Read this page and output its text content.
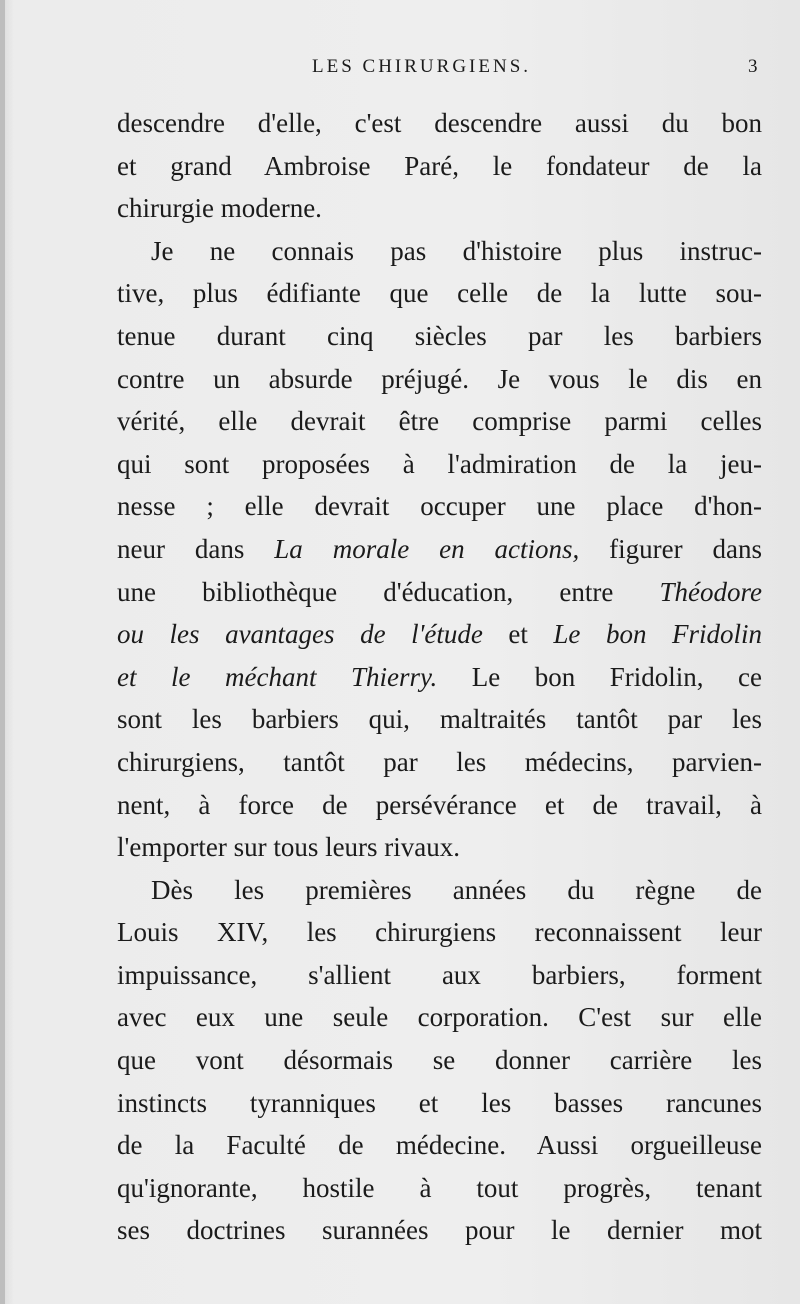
LES CHIRURGIENS.	3
descendre d'elle, c'est descendre aussi du bon
et grand Ambroise Paré, le fondateur de la
chirurgie moderne.
Je ne connais pas d'histoire plus instruc-
tive, plus édifiante que celle de la lutte sou-
tenue durant cinq siècles par les barbiers
contre un absurde préjugé. Je vous le dis en
vérité, elle devrait être comprise parmi celles
qui sont proposées à l'admiration de la jeu-
nesse ; elle devrait occuper une place d'hon-
neur dans La morale en actions, figurer dans
une bibliothèque d'éducation, entre Théodore
ou les avantages de l'étude et Le bon Fridolin
et le méchant Thierry. Le bon Fridolin, ce
sont les barbiers qui, maltraités tantôt par les
chirurgiens, tantôt par les médecins, parvien-
nent, à force de persévérance et de travail, à
l'emporter sur tous leurs rivaux.
Dès les premières années du règne de
Louis XIV, les chirurgiens reconnaissent leur
impuissance, s'allient aux barbiers, forment
avec eux une seule corporation. C'est sur elle
que vont désormais se donner carrière les
instincts tyranniques et les basses rancunes
de la Faculté de médecine. Aussi orgueilleuse
qu'ignorante, hostile à tout progrès, tenant
ses doctrines surannées pour le dernier mot
